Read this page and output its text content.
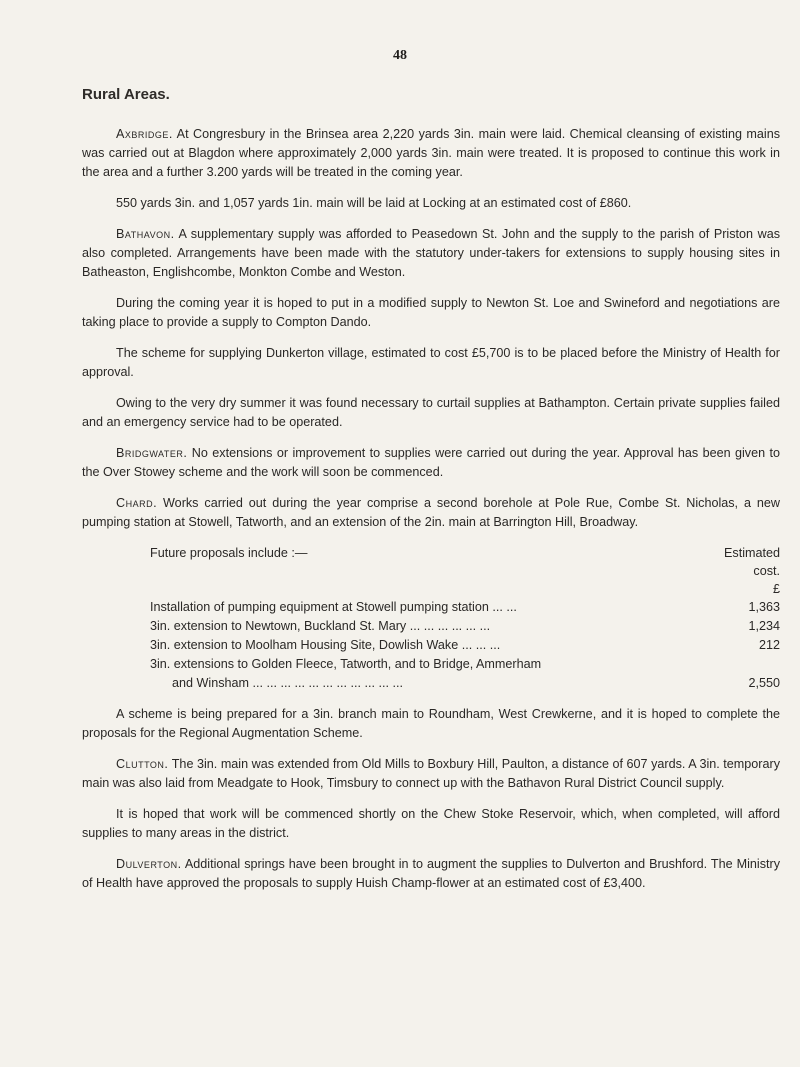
48
Rural Areas.

Axbridge. At Congresbury in the Brinsea area 2,220 yards 3in. main were laid. Chemical cleansing of existing mains was carried out at Blagdon where approximately 2,000 yards 3in. main were treated. It is proposed to continue this work in the area and a further 3.200 yards will be treated in the coming year.

550 yards 3in. and 1,057 yards 1in. main will be laid at Locking at an estimated cost of £860.

Bathavon. A supplementary supply was afforded to Peasedown St. John and the supply to the parish of Priston was also completed. Arrangements have been made with the statutory under-takers for extensions to supply housing sites in Batheaston, Englishcombe, Monkton Combe and Weston.

During the coming year it is hoped to put in a modified supply to Newton St. Loe and Swineford and negotiations are taking place to provide a supply to Compton Dando.

The scheme for supplying Dunkerton village, estimated to cost £5,700 is to be placed before the Ministry of Health for approval.

Owing to the very dry summer it was found necessary to curtail supplies at Bathampton. Certain private supplies failed and an emergency service had to be operated.

Bridgwater. No extensions or improvement to supplies were carried out during the year. Approval has been given to the Over Stowey scheme and the work will soon be commenced.

Chard. Works carried out during the year comprise a second borehole at Pole Rue, Combe St. Nicholas, a new pumping station at Stowell, Tatworth, and an extension of the 2in. main at Barrington Hill, Broadway.

Future proposals include :—	Estimated
cost.
£
Installation of pumping equipment at Stowell pumping station ... ...	1,363
3in. extension to Newtown, Buckland St. Mary ... ... ... ... ... ...	1,234
3in. extension to Moolham Housing Site, Dowlish Wake ... ... ...	212
3in. extensions to Golden Fleece, Tatworth, and to Bridge, Ammerham
and Winsham ... ... ... ... ... ... ... ... ... ... ...	2,550

A scheme is being prepared for a 3in. branch main to Roundham, West Crewkerne, and it is hoped to complete the proposals for the Regional Augmentation Scheme.

Clutton. The 3in. main was extended from Old Mills to Boxbury Hill, Paulton, a distance of 607 yards. A 3in. temporary main was also laid from Meadgate to Hook, Timsbury to connect up with the Bathavon Rural District Council supply.

It is hoped that work will be commenced shortly on the Chew Stoke Reservoir, which, when completed, will afford supplies to many areas in the district.

Dulverton. Additional springs have been brought in to augment the supplies to Dulverton and Brushford. The Ministry of Health have approved the proposals to supply Huish Champ-flower at an estimated cost of £3,400.
